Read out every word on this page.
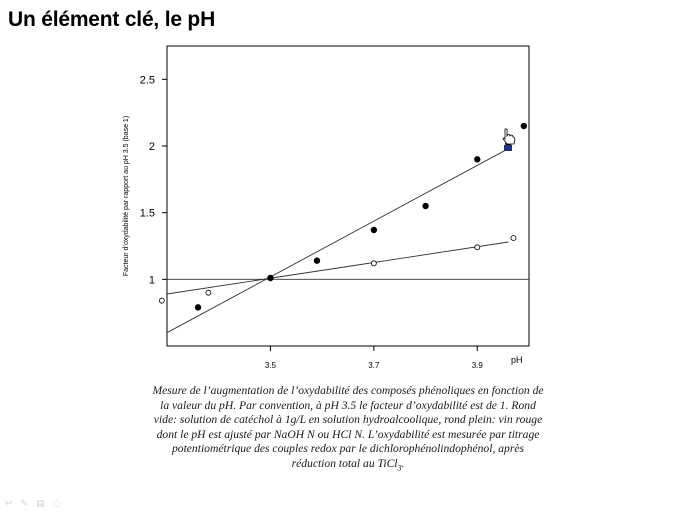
Un élément clé, le pH
1
1.5
2
2.5
3.5	3.7	3.9
pH
Facteur d’oxydabilité par rapport au pH 3.5 (base 1)
Mesure de l’augmentation de l’oxydabilité des composés phénoliques en fonction de la valeur du pH. Par convention, à pH 3.5 le facteur d’oxydabilité est de 1. Rond vide: solution de catéchol à 1g/L en solution hydroalcoolique, rond plein: vin rouge dont le pH est ajusté par NaOH N ou HCl N. L’oxydabilité est mesurée par titrage potentiométrique des couples redox par le dichlorophénolindophénol, après réduction total au TiCl$_3$.
↩ ✎ ▤ ◌
